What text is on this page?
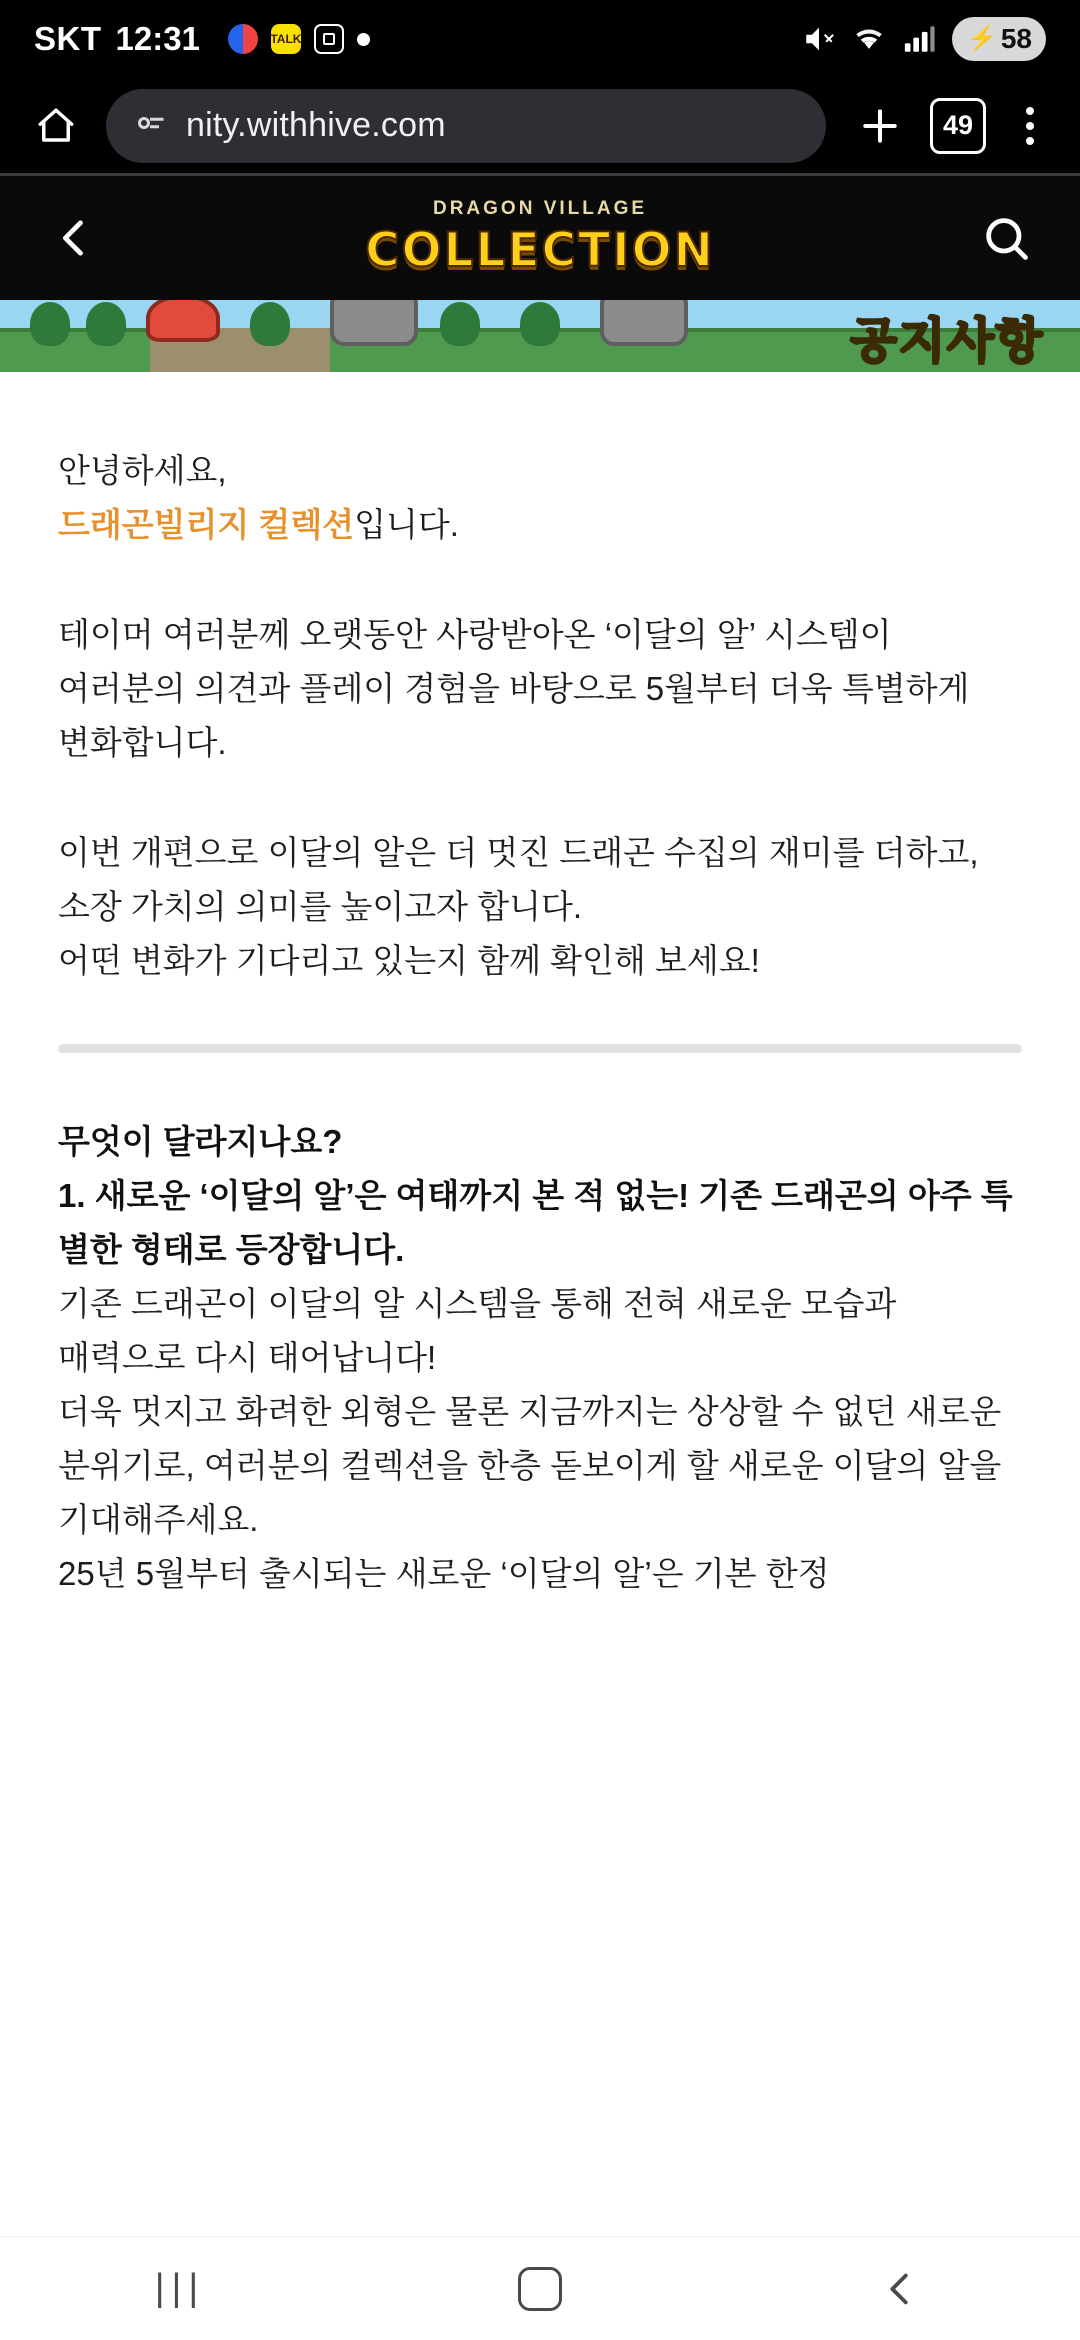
SKT 12:31	TALK	⚡ 58
nity.withhive.com	49
DRAGON VILLAGE
COLLECTION
공지사항
안녕하세요,
드래곤빌리지 컬렉션입니다.
테이머 여러분께 오랫동안 사랑받아온 ‘이달의 알’ 시스템이 여러분의 의견과 플레이 경험을 바탕으로 5월부터 더욱 특별하게 변화합니다.
이번 개편으로 이달의 알은 더 멋진 드래곤 수집의 재미를 더하고, 소장 가치의 의미를 높이고자 합니다.
어떤 변화가 기다리고 있는지 함께 확인해 보세요!
무엇이 달라지나요?
1. 새로운 ‘이달의 알’은 여태까지 본 적 없는! 기존 드래곤의 아주 특별한 형태로 등장합니다.
기존 드래곤이 이달의 알 시스템을 통해 전혀 새로운 모습과 매력으로 다시 태어납니다!
더욱 멋지고 화려한 외형은 물론 지금까지는 상상할 수 없던 새로운 분위기로, 여러분의 컬렉션을 한층 돋보이게 할 새로운 이달의 알을 기대해주세요.
25년 5월부터 출시되는 새로운 ‘이달의 알’은 기본 한정
|||
